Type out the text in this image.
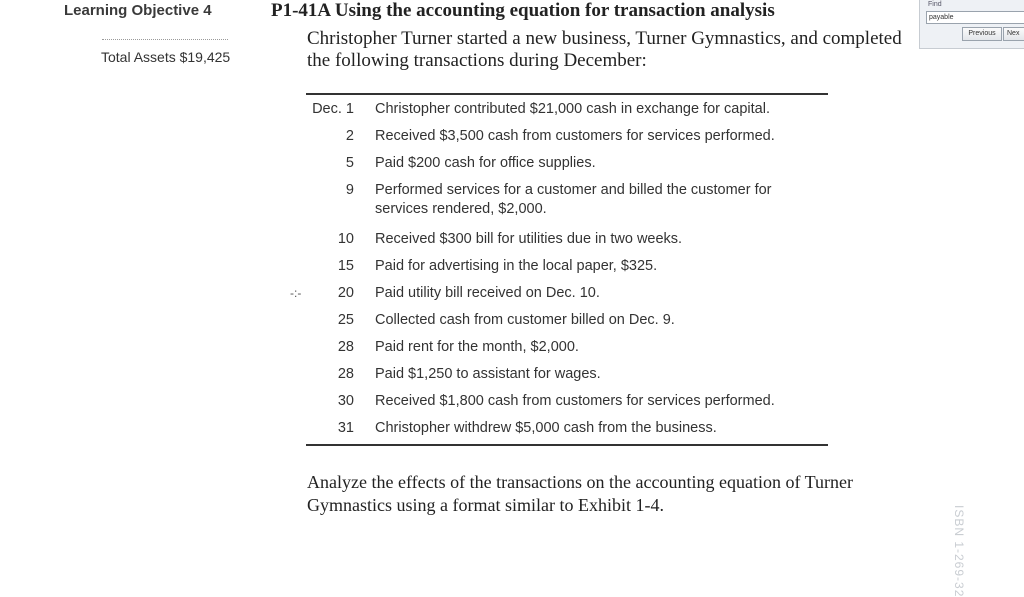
Learning Objective 4
Total Assets $19,425
P1-41A Using the accounting equation for transaction analysis
Christopher Turner started a new business, Turner Gymnastics, and completed the following transactions during December:
Dec. 1 Christopher contributed $21,000 cash in exchange for capital.
2 Received $3,500 cash from customers for services performed.
5 Paid $200 cash for office supplies.
9 Performed services for a customer and billed the customer for services rendered, $2,000.
10 Received $300 bill for utilities due in two weeks.
15 Paid for advertising in the local paper, $325.
20 Paid utility bill received on Dec. 10.
-:-
25 Collected cash from customer billed on Dec. 9.
28 Paid rent for the month, $2,000.
28 Paid $1,250 to assistant for wages.
30 Received $1,800 cash from customers for services performed.
31 Christopher withdrew $5,000 cash from the business.
Analyze the effects of the transactions on the accounting equation of Turner Gymnastics using a format similar to Exhibit 1-4.	ISBN 1-269-32
Find
payable
Previous	Nex
